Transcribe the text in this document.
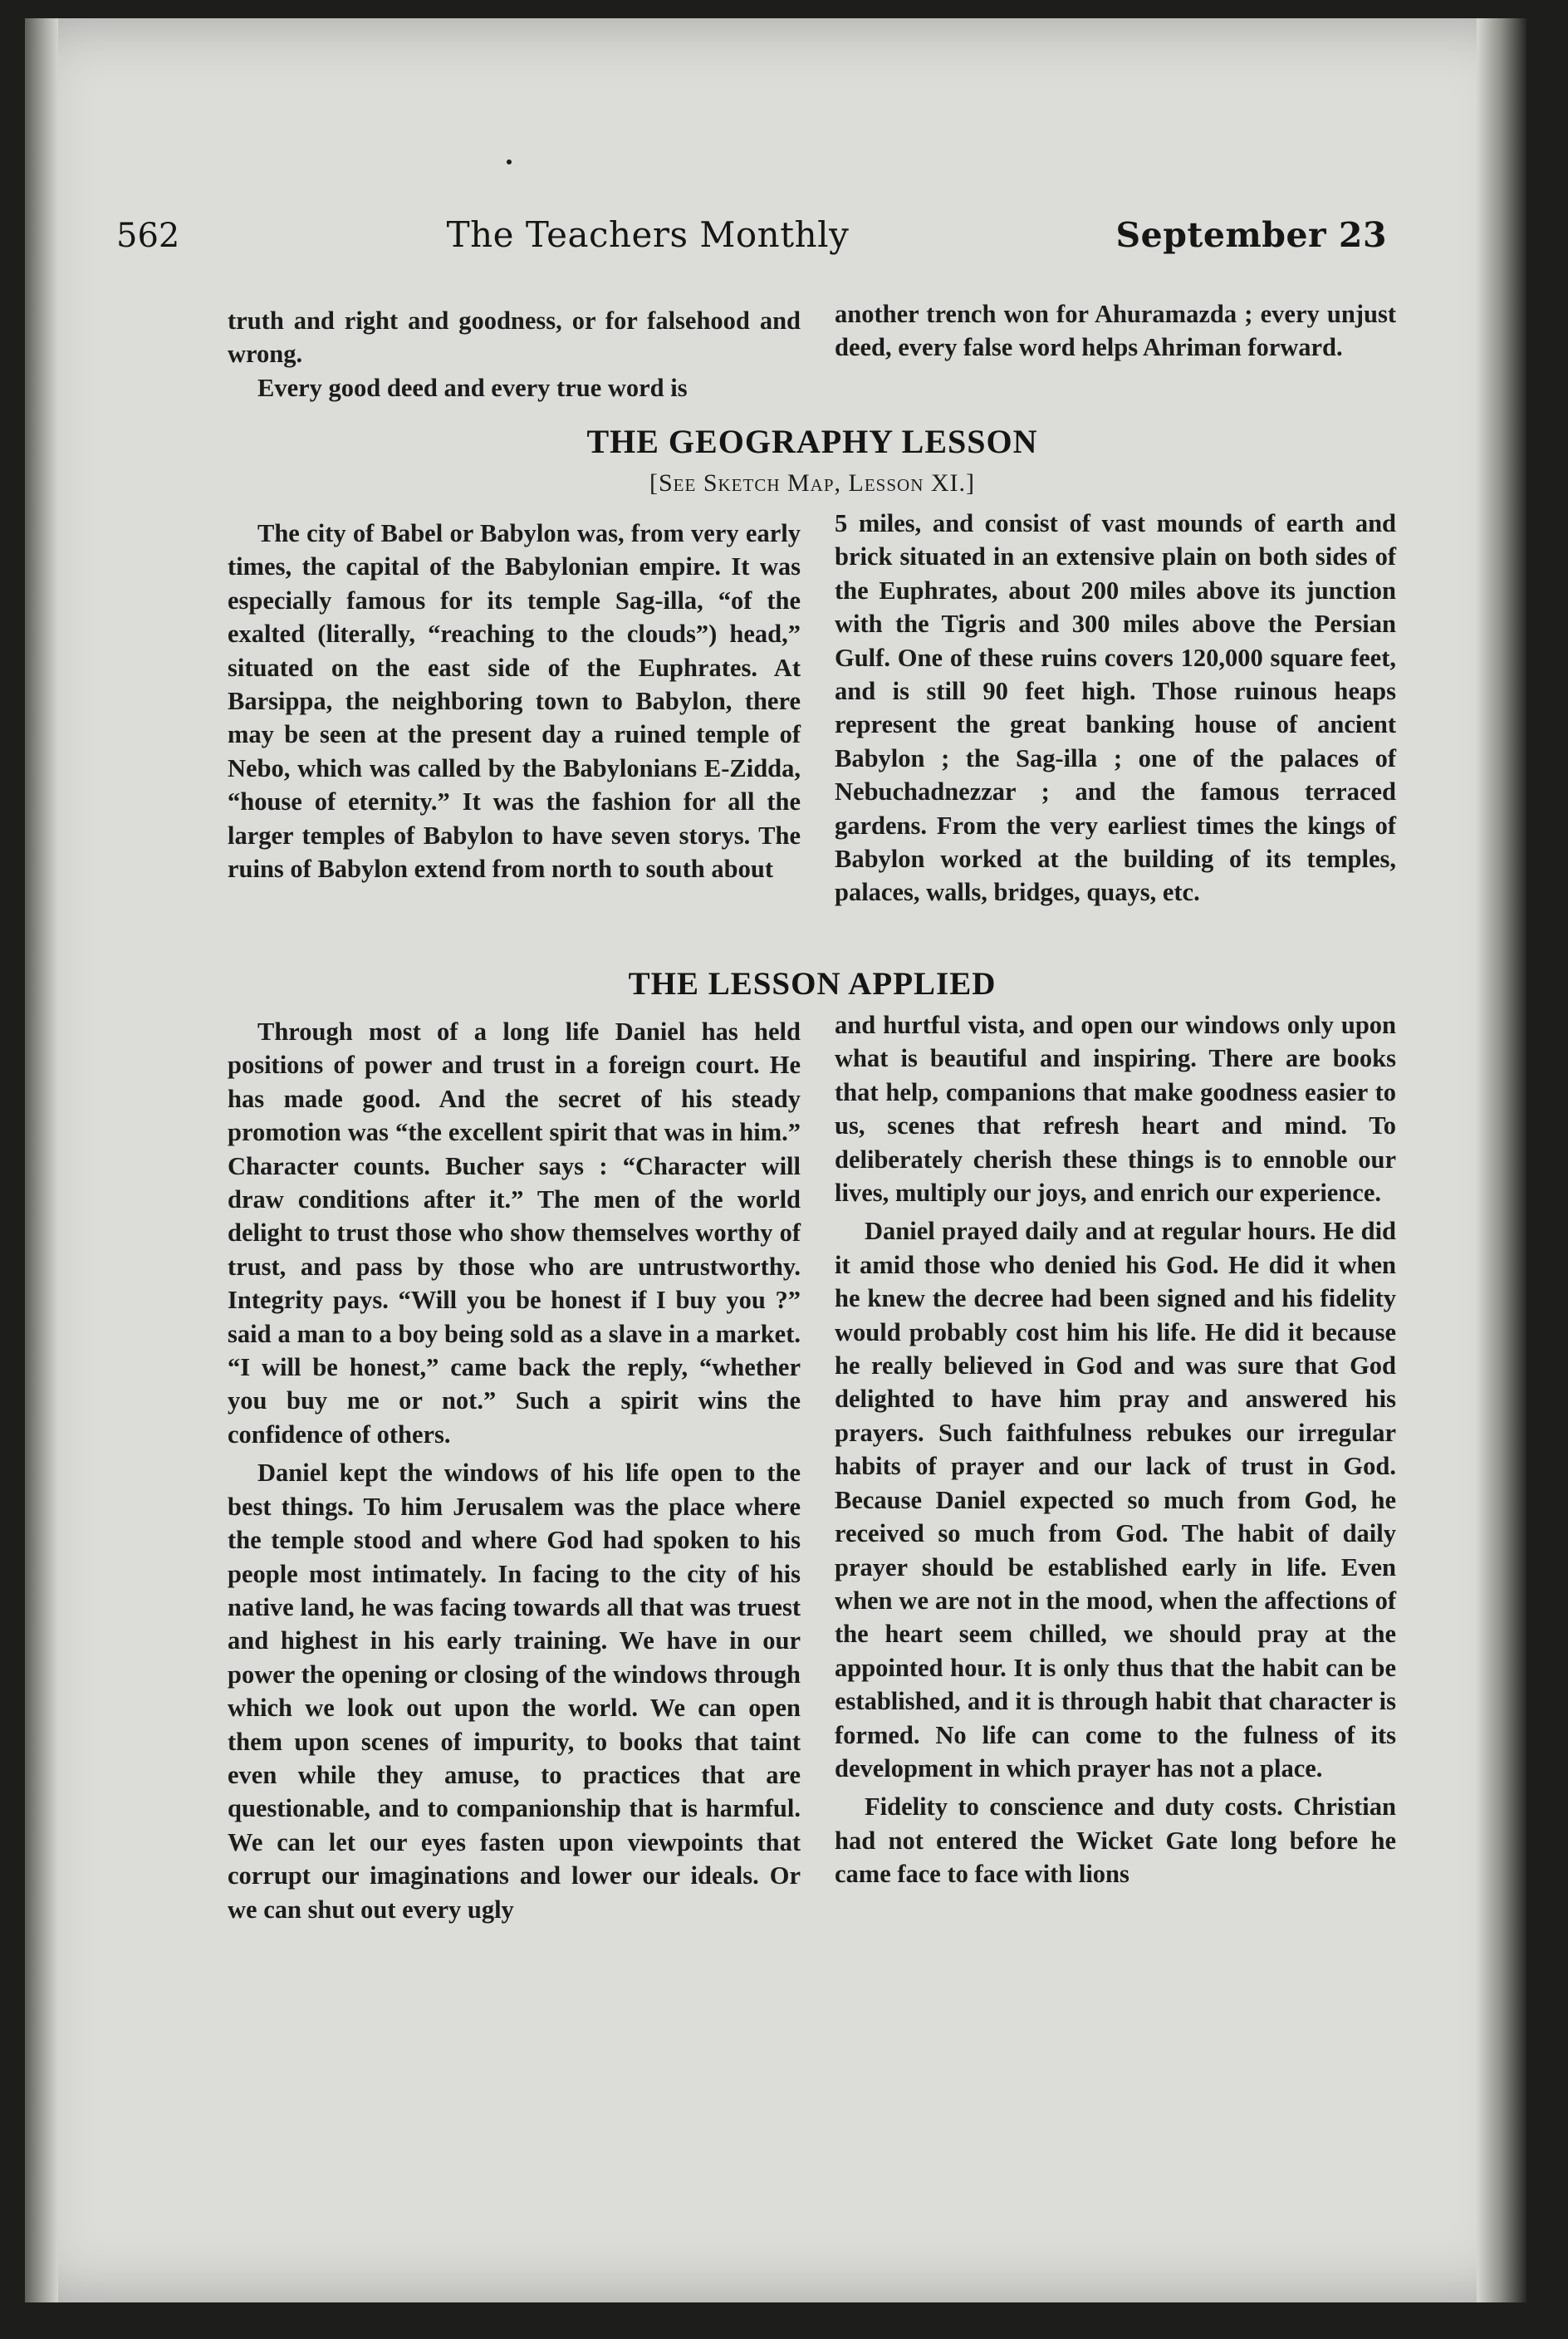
562	The Teachers Monthly	September 23

truth and right and goodness, or for falsehood and wrong.

Every good deed and every true word is

another trench won for Ahuramazda ; every unjust deed, every false word helps Ahriman forward.

THE GEOGRAPHY LESSON
[See Sketch Map, Lesson XI.]

The city of Babel or Babylon was, from very early times, the capital of the Babylonian empire. It was especially famous for its temple Sag-illa, “of the exalted (literally, “reaching to the clouds”) head,” situated on the east side of the Euphrates. At Barsippa, the neighboring town to Babylon, there may be seen at the present day a ruined temple of Nebo, which was called by the Babylonians E-Zidda, “house of eternity.” It was the fashion for all the larger temples of Babylon to have seven storys. The ruins of Babylon extend from north to south about

5 miles, and consist of vast mounds of earth and brick situated in an extensive plain on both sides of the Euphrates, about 200 miles above its junction with the Tigris and 300 miles above the Persian Gulf. One of these ruins covers 120,000 square feet, and is still 90 feet high. Those ruinous heaps represent the great banking house of ancient Babylon ; the Sag-illa ; one of the palaces of Nebuchadnezzar ; and the famous terraced gardens. From the very earliest times the kings of Babylon worked at the building of its temples, palaces, walls, bridges, quays, etc.

THE LESSON APPLIED

Through most of a long life Daniel has held positions of power and trust in a foreign court. He has made good. And the secret of his steady promotion was “the excellent spirit that was in him.” Character counts. Bucher says : “Character will draw conditions after it.” The men of the world delight to trust those who show themselves worthy of trust, and pass by those who are untrustworthy. Integrity pays. “Will you be honest if I buy you ?” said a man to a boy being sold as a slave in a market. “I will be honest,” came back the reply, “whether you buy me or not.” Such a spirit wins the confidence of others.

Daniel kept the windows of his life open to the best things. To him Jerusalem was the place where the temple stood and where God had spoken to his people most intimately. In facing to the city of his native land, he was facing towards all that was truest and highest in his early training. We have in our power the opening or closing of the windows through which we look out upon the world. We can open them upon scenes of impurity, to books that taint even while they amuse, to practices that are questionable, and to companionship that is harmful. We can let our eyes fasten upon viewpoints that corrupt our imaginations and lower our ideals. Or we can shut out every ugly

and hurtful vista, and open our windows only upon what is beautiful and inspiring. There are books that help, companions that make goodness easier to us, scenes that refresh heart and mind. To deliberately cherish these things is to ennoble our lives, multiply our joys, and enrich our experience.

Daniel prayed daily and at regular hours. He did it amid those who denied his God. He did it when he knew the decree had been signed and his fidelity would probably cost him his life. He did it because he really believed in God and was sure that God delighted to have him pray and answered his prayers. Such faithfulness rebukes our irregular habits of prayer and our lack of trust in God. Because Daniel expected so much from God, he received so much from God. The habit of daily prayer should be established early in life. Even when we are not in the mood, when the affections of the heart seem chilled, we should pray at the appointed hour. It is only thus that the habit can be established, and it is through habit that character is formed. No life can come to the fulness of its development in which prayer has not a place.

Fidelity to conscience and duty costs. Christian had not entered the Wicket Gate long before he came face to face with lions
